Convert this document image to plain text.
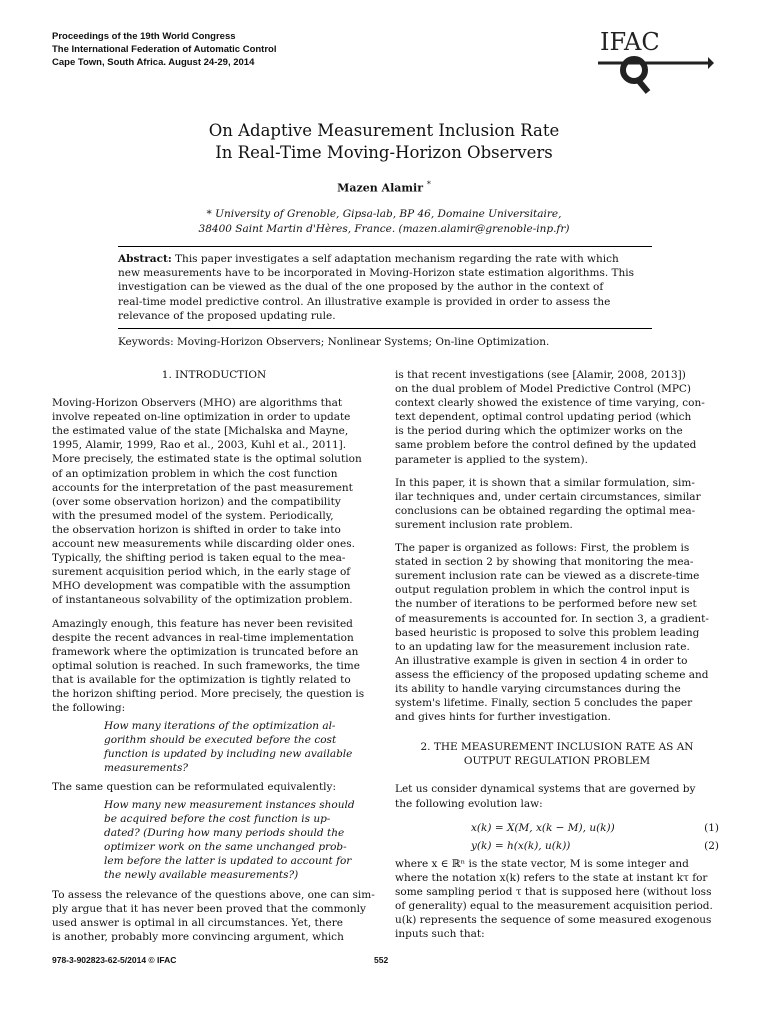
Proceedings of the 19th World Congress
The International Federation of Automatic Control
Cape Town, South Africa. August 24-29, 2014
IFAC
On Adaptive Measurement Inclusion Rate
In Real-Time Moving-Horizon Observers
Mazen Alamir *
* University of Grenoble, Gipsa-lab, BP 46, Domaine Universitaire,
38400 Saint Martin d'Hères, France. (mazen.alamir@grenoble-inp.fr)
Abstract: This paper investigates a self adaptation mechanism regarding the rate with which
new measurements have to be incorporated in Moving-Horizon state estimation algorithms. This
investigation can be viewed as the dual of the one proposed by the author in the context of
real-time model predictive control. An illustrative example is provided in order to assess the
relevance of the proposed updating rule.
Keywords: Moving-Horizon Observers; Nonlinear Systems; On-line Optimization.
1. INTRODUCTION
Moving-Horizon Observers (MHO) are algorithms that
involve repeated on-line optimization in order to update
the estimated value of the state [Michalska and Mayne,
1995, Alamir, 1999, Rao et al., 2003, Kuhl et al., 2011].
More precisely, the estimated state is the optimal solution
of an optimization problem in which the cost function
accounts for the interpretation of the past measurement
(over some observation horizon) and the compatibility
with the presumed model of the system. Periodically,
the observation horizon is shifted in order to take into
account new measurements while discarding older ones.
Typically, the shifting period is taken equal to the mea-
surement acquisition period which, in the early stage of
MHO development was compatible with the assumption
of instantaneous solvability of the optimization problem.
Amazingly enough, this feature has never been revisited
despite the recent advances in real-time implementation
framework where the optimization is truncated before an
optimal solution is reached. In such frameworks, the time
that is available for the optimization is tightly related to
the horizon shifting period. More precisely, the question is
the following:
How many iterations of the optimization al-
gorithm should be executed before the cost
function is updated by including new available
measurements?
The same question can be reformulated equivalently:
How many new measurement instances should
be acquired before the cost function is up-
dated? (During how many periods should the
optimizer work on the same unchanged prob-
lem before the latter is updated to account for
the newly available measurements?)
To assess the relevance of the questions above, one can sim-
ply argue that it has never been proved that the commonly
used answer is optimal in all circumstances. Yet, there
is another, probably more convincing argument, which
is that recent investigations (see [Alamir, 2008, 2013])
on the dual problem of Model Predictive Control (MPC)
context clearly showed the existence of time varying, con-
text dependent, optimal control updating period (which
is the period during which the optimizer works on the
same problem before the control defined by the updated
parameter is applied to the system).
In this paper, it is shown that a similar formulation, sim-
ilar techniques and, under certain circumstances, similar
conclusions can be obtained regarding the optimal mea-
surement inclusion rate problem.
The paper is organized as follows: First, the problem is
stated in section 2 by showing that monitoring the mea-
surement inclusion rate can be viewed as a discrete-time
output regulation problem in which the control input is
the number of iterations to be performed before new set
of measurements is accounted for. In section 3, a gradient-
based heuristic is proposed to solve this problem leading
to an updating law for the measurement inclusion rate.
An illustrative example is given in section 4 in order to
assess the efficiency of the proposed updating scheme and
its ability to handle varying circumstances during the
system's lifetime. Finally, section 5 concludes the paper
and gives hints for further investigation.
2. THE MEASUREMENT INCLUSION RATE AS AN
OUTPUT REGULATION PROBLEM
Let us consider dynamical systems that are governed by
the following evolution law:
x(k) = X(M, x(k − M), u(k))	(1)
y(k) = h(x(k), u(k))	(2)
where x ∈ ℝⁿ is the state vector, M is some integer and
where the notation x(k) refers to the state at instant kτ for
some sampling period τ that is supposed here (without loss
of generality) equal to the measurement acquisition period.
u(k) represents the sequence of some measured exogenous
inputs such that:
978-3-902823-62-5/2014 © IFAC	552
